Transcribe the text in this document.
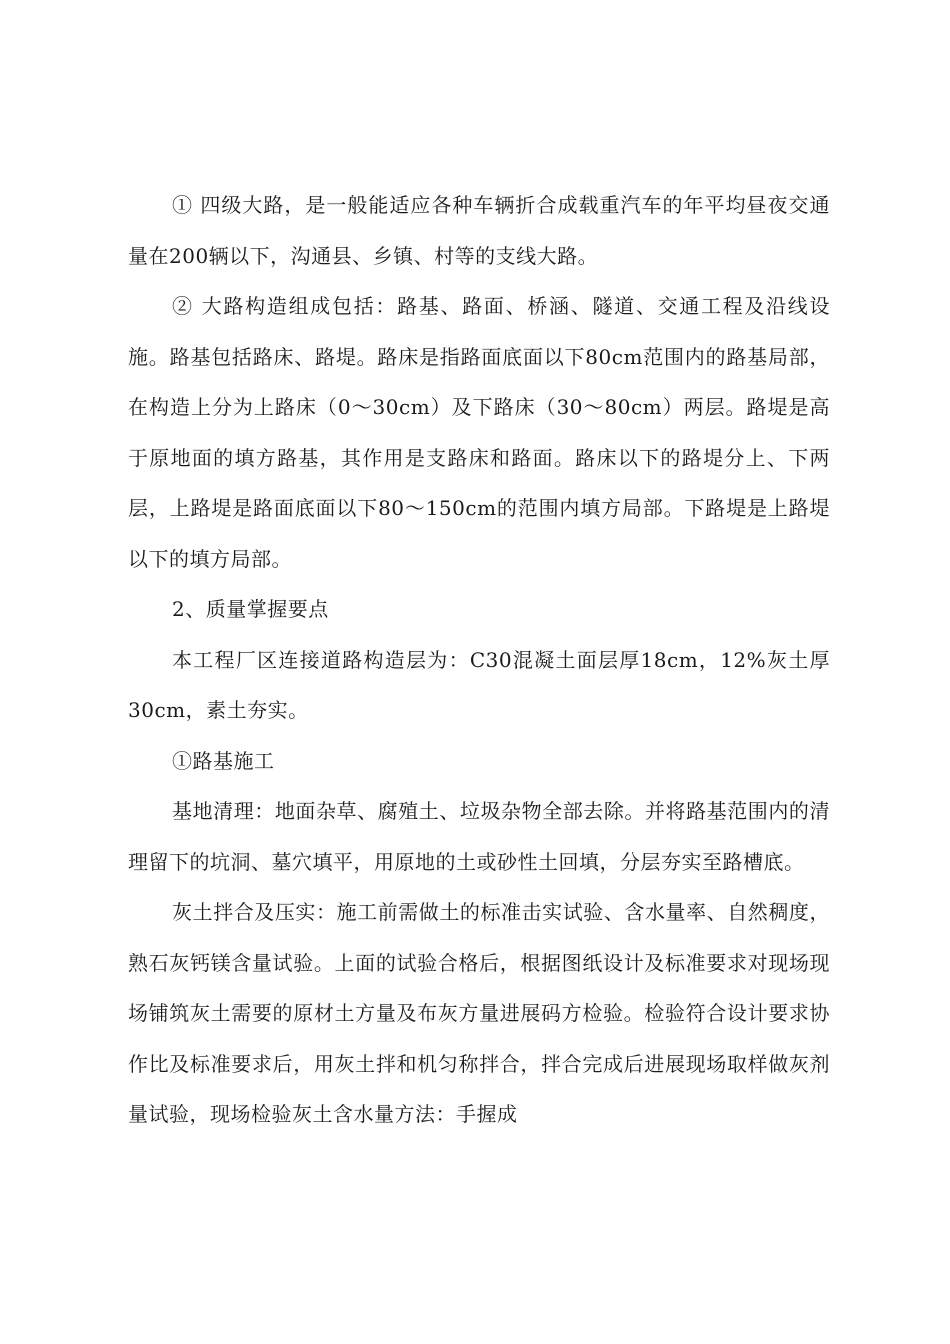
① 四级大路，是一般能适应各种车辆折合成载重汽车的年平均昼夜交通量在200辆以下，沟通县、乡镇、村等的支线大路。

② 大路构造组成包括：路基、路面、桥涵、隧道、交通工程及沿线设施。路基包括路床、路堤。路床是指路面底面以下80cm范围内的路基局部，在构造上分为上路床（0～30cm）及下路床（30～80cm）两层。路堤是高于原地面的填方路基，其作用是支路床和路面。路床以下的路堤分上、下两层，上路堤是路面底面以下80～150cm的范围内填方局部。下路堤是上路堤以下的填方局部。

2、质量掌握要点

本工程厂区连接道路构造层为：C30混凝土面层厚18cm，12%灰土厚30cm，素土夯实。

①路基施工

基地清理：地面杂草、腐殖土、垃圾杂物全部去除。并将路基范围内的清理留下的坑洞、墓穴填平，用原地的土或砂性土回填，分层夯实至路槽底。

灰土拌合及压实：施工前需做土的标准击实试验、含水量率、自然稠度，熟石灰钙镁含量试验。上面的试验合格后，根据图纸设计及标准要求对现场现场铺筑灰土需要的原材土方量及布灰方量进展码方检验。检验符合设计要求协作比及标准要求后，用灰土拌和机匀称拌合，拌合完成后进展现场取样做灰剂量试验，现场检验灰土含水量方法：手握成
